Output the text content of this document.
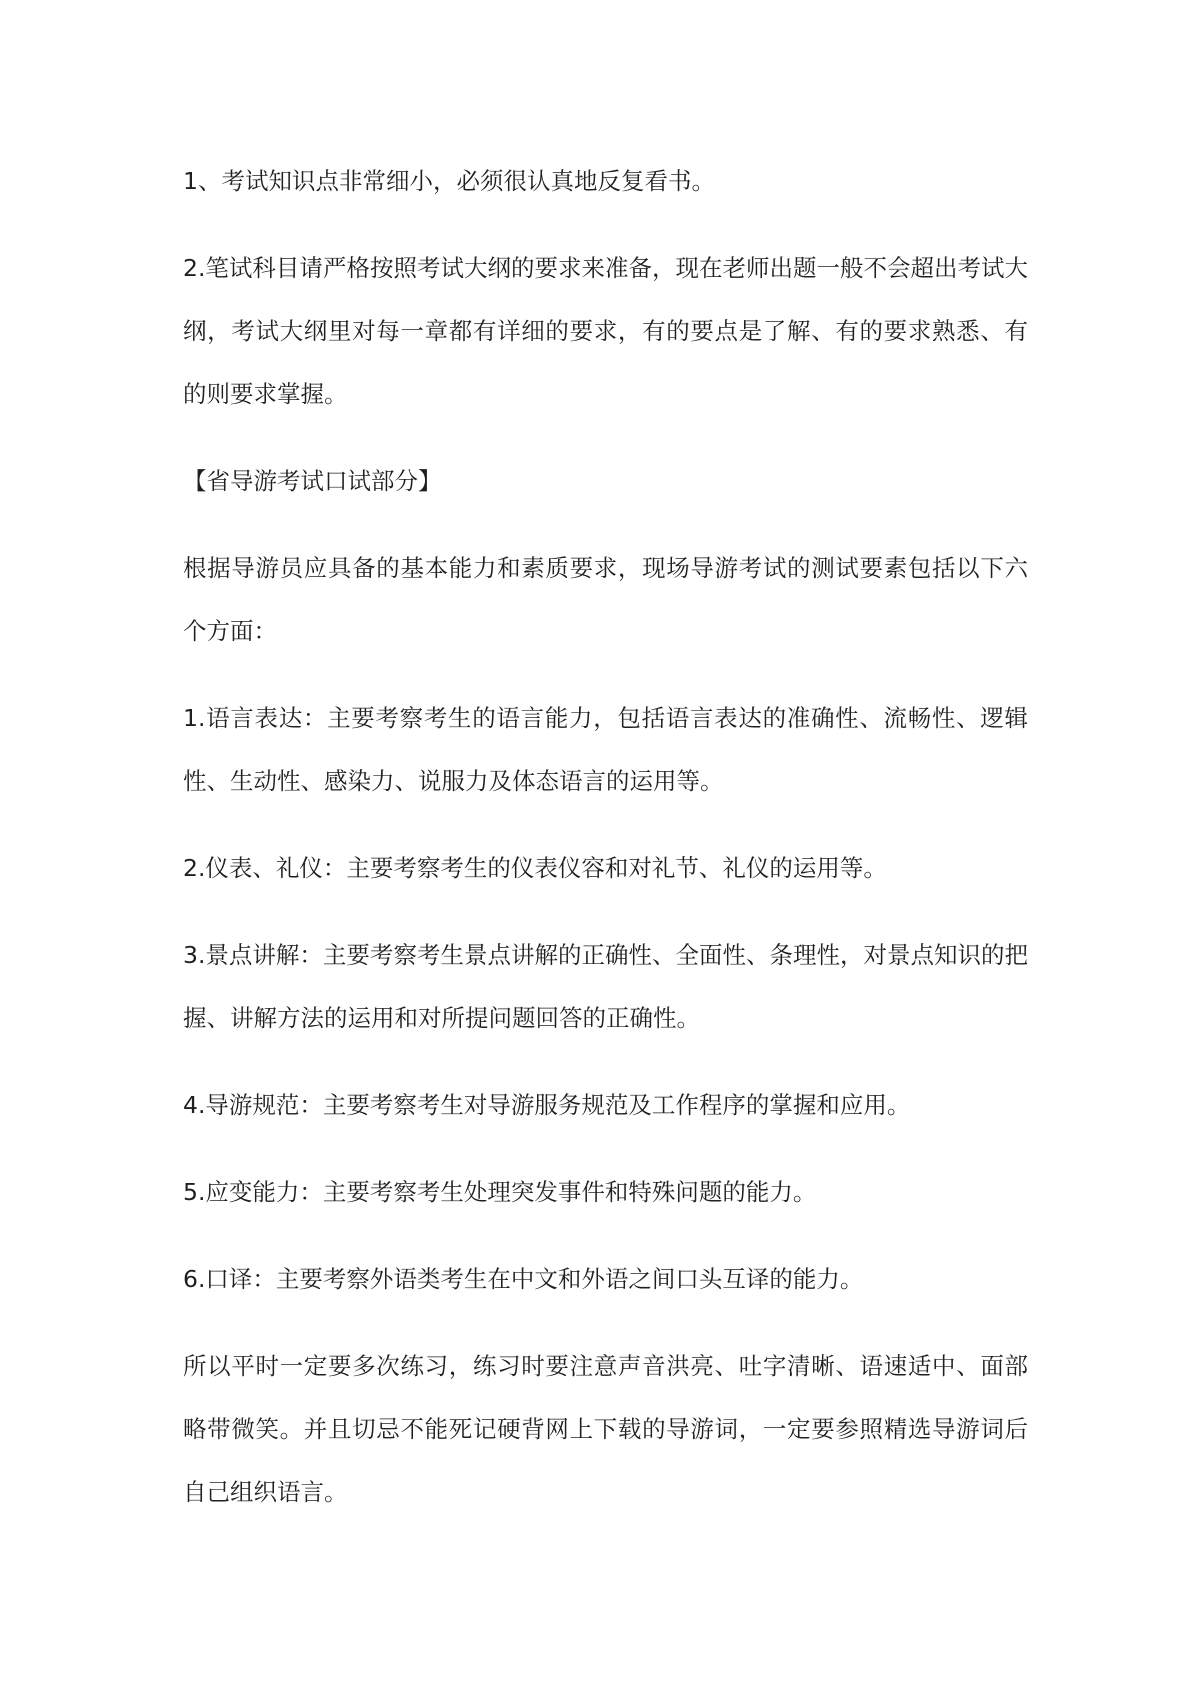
1、考试知识点非常细小，必须很认真地反复看书。

2.笔试科目请严格按照考试大纲的要求来准备，现在老师出题一般不会超出考试大纲，考试大纲里对每一章都有详细的要求，有的要点是了解、有的要求熟悉、有的则要求掌握。

【省导游考试口试部分】

根据导游员应具备的基本能力和素质要求，现场导游考试的测试要素包括以下六个方面：

1.语言表达：主要考察考生的语言能力，包括语言表达的准确性、流畅性、逻辑性、生动性、感染力、说服力及体态语言的运用等。

2.仪表、礼仪：主要考察考生的仪表仪容和对礼节、礼仪的运用等。

3.景点讲解：主要考察考生景点讲解的正确性、全面性、条理性，对景点知识的把握、讲解方法的运用和对所提问题回答的正确性。

4.导游规范：主要考察考生对导游服务规范及工作程序的掌握和应用。

5.应变能力：主要考察考生处理突发事件和特殊问题的能力。

6.口译：主要考察外语类考生在中文和外语之间口头互译的能力。

所以平时一定要多次练习，练习时要注意声音洪亮、吐字清晰、语速适中、面部略带微笑。并且切忌不能死记硬背网上下载的导游词，一定要参照精选导游词后自己组织语言。
